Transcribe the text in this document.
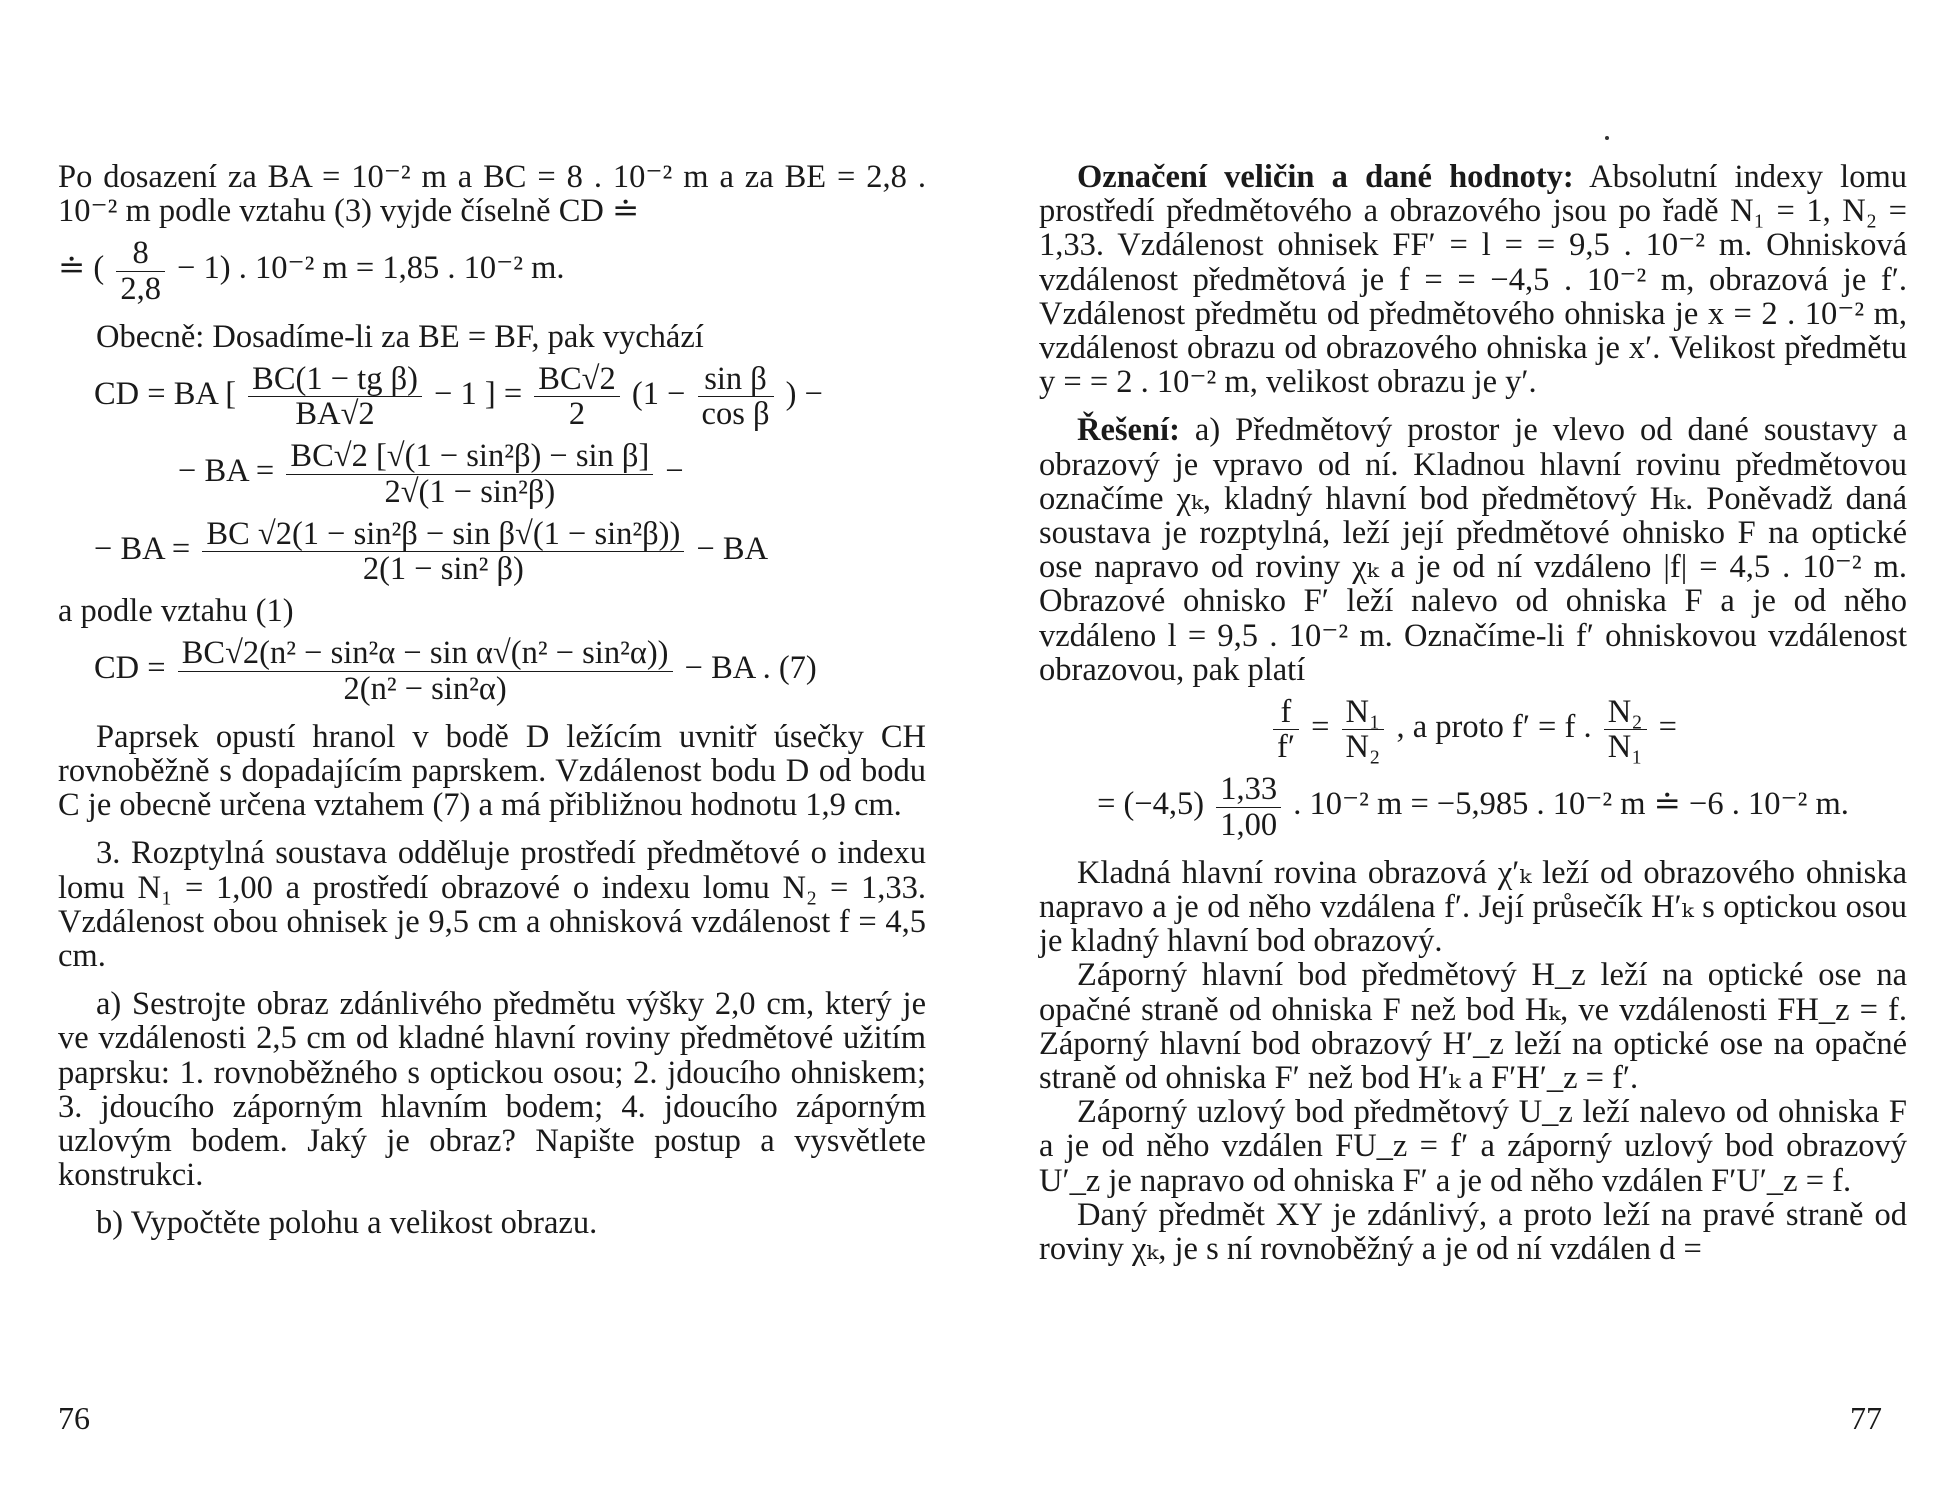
Po dosazení za BA = 10⁻² m a BC = 8 . 10⁻² m a za BE = 2,8 . 10⁻² m podle vztahu (3) vyjde číselně CD ≐

≐ ( $\frac{8}{2,8} - 1$) . 10⁻² m = 1,85 . 10⁻² m.

Obecně: Dosadíme-li za BE = BF, pak vychází

CD = BA [ $\frac{\text{BC(1 − tg β)}}{BA√2} - 1$ ] = $\frac{BC√2}{2} (1 - \frac{\text{sin β}}{\text{cos β}}$ ) −
− BA = $\frac{\text{BC√2 [√(1 − sin²β) − sin β]}}{\text{2√(1 − sin²β)}}$ −
− BA = $\frac{\text{BC √2(1 − sin²β − sin β√(1 − sin²β))}}{\text{2(1 − sin² β)}}$ − BA

a podle vztahu (1)

CD = $\frac{\text{BC√2(n² − sin²α − sin α√(n² − sin²α))}}{\text{2(n² − sin²α)}}$ − BA . (7)

Paprsek opustí hranol v bodě D ležícím uvnitř úsečky CH rovnoběžně s dopadajícím paprskem. Vzdálenost bodu D od bodu C je obecně určena vztahem (7) a má přibližnou hodnotu 1,9 cm.

3. Rozptylná soustava odděluje prostředí předmětové o indexu lomu N₁ = 1,00 a prostředí obrazové o indexu lomu N₂ = 1,33. Vzdálenost obou ohnisek je 9,5 cm a ohnisková vzdálenost f = 4,5 cm.

a) Sestrojte obraz zdánlivého předmětu výšky 2,0 cm, který je ve vzdálenosti 2,5 cm od kladné hlavní roviny předmětové užitím paprsku: 1. rovnoběžného s optickou osou; 2. jdoucího ohniskem; 3. jdoucího záporným hlavním bodem; 4. jdoucího záporným uzlovým bodem. Jaký je obraz? Napište postup a vysvětlete konstrukci.

b) Vypočtěte polohu a velikost obrazu.

76

Označení veličin a dané hodnoty: Absolutní indexy lomu prostředí předmětového a obrazového jsou po řadě N₁ = 1, N₂ = 1,33. Vzdálenost ohnisek FF′ = l = = 9,5 . 10⁻² m. Ohnisková vzdálenost předmětová je f = = −4,5 . 10⁻² m, obrazová je f′. Vzdálenost předmětu od předmětového ohniska je x = 2 . 10⁻² m, vzdálenost obrazu od obrazového ohniska je x′. Velikost předmětu y = = 2 . 10⁻² m, velikost obrazu je y′.

Řešení: a) Předmětový prostor je vlevo od dané soustavy a obrazový je vpravo od ní. Kladnou hlavní rovinu předmětovou označíme χₖ, kladný hlavní bod předmětový Hₖ. Poněvadž daná soustava je rozptylná, leží její předmětové ohnisko F na optické ose napravo od roviny χₖ a je od ní vzdáleno |f| = 4,5 . 10⁻² m. Obrazové ohnisko F′ leží nalevo od ohniska F a je od něho vzdáleno l = 9,5 . 10⁻² m. Označíme-li f′ ohniskovou vzdálenost obrazovou, pak platí

$\frac{f}{f'} = \frac{\text{N₁}}{\text{N₂}}$ , a proto f′ = f . $\frac{\text{N₂}}{\text{N₁}}$ =
= $(-4,5) \frac{1,33}{1,00}$ . 10⁻² m = −5,985 . 10⁻² m ≐ −6 . 10⁻² m.

Kladná hlavní rovina obrazová χ′ₖ leží od obrazového ohniska napravo a je od něho vzdálena f′. Její průsečík H′ₖ s optickou osou je kladný hlavní bod obrazový.

Záporný hlavní bod předmětový H_z leží na optické ose na opačné straně od ohniska F než bod Hₖ, ve vzdálenosti FH_z = f. Záporný hlavní bod obrazový H′_z leží na optické ose na opačné straně od ohniska F′ než bod H′ₖ a F′H′_z = f′.

Záporný uzlový bod předmětový U_z leží nalevo od ohniska F a je od něho vzdálen FU_z = f′ a záporný uzlový bod obrazový U′_z je napravo od ohniska F′ a je od něho vzdálen F′U′_z = f.

Daný předmět XY je zdánlivý, a proto leží na pravé straně od roviny χₖ, je s ní rovnoběžný a je od ní vzdálen d =

77
